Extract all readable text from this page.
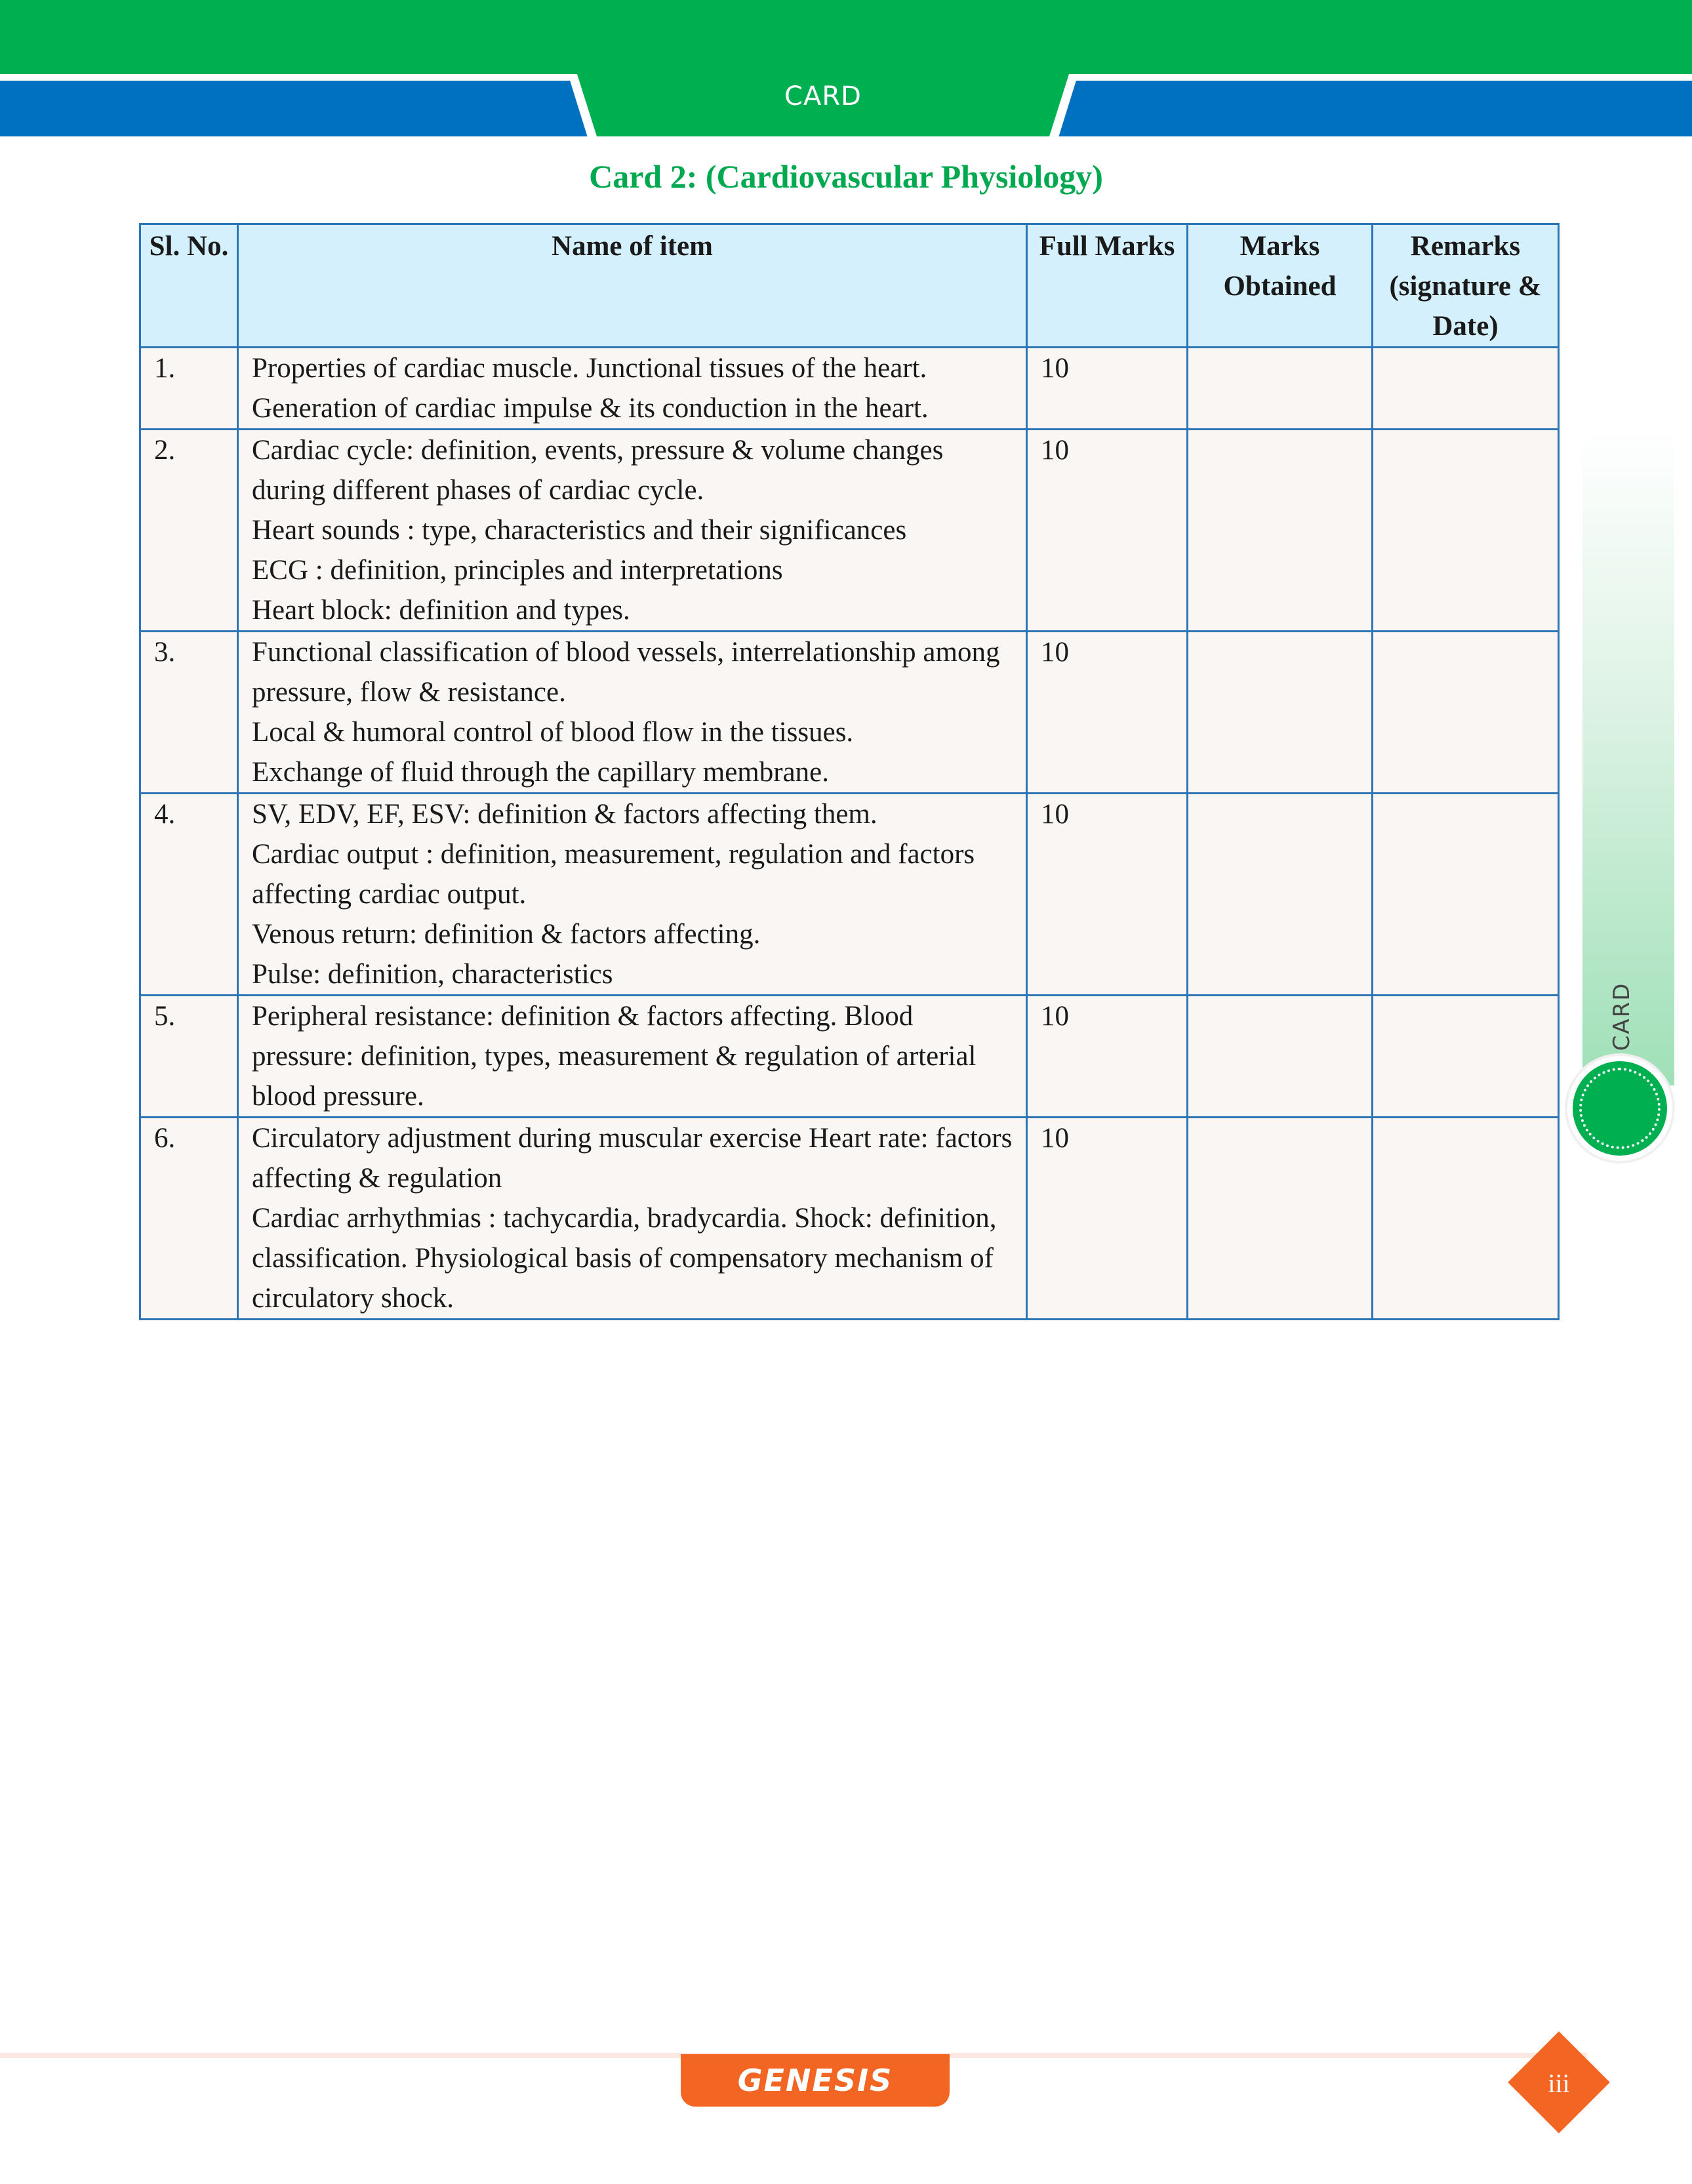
CARD
Card 2: (Cardiovascular Physiology)
Sl. No.	Name of item	Full Marks	Marks Obtained	Remarks (signature & Date)
1.	Properties of cardiac muscle. Junctional tissues of the heart.
Generation of cardiac impulse & its conduction in the heart.	10		
2.	Cardiac cycle: definition, events, pressure & volume changes during different phases of cardiac cycle.
Heart sounds : type, characteristics and their significances
ECG : definition, principles and interpretations
Heart block: definition and types.	10		
3.	Functional classification of blood vessels, interrelationship among pressure, flow & resistance.
Local & humoral control of blood flow in the tissues.
Exchange of fluid through the capillary membrane.	10		
4.	SV, EDV, EF, ESV: definition & factors affecting them.
Cardiac output : definition, measurement, regulation and factors affecting cardiac output.
Venous return: definition & factors affecting.
Pulse: definition, characteristics	10		
5.	Peripheral resistance: definition & factors affecting. Blood pressure: definition, types, measurement & regulation of arterial blood pressure.	10		
6.	Circulatory adjustment during muscular exercise Heart rate: factors affecting & regulation
Cardiac arrhythmias : tachycardia, bradycardia. Shock: definition, classification. Physiological basis of compensatory mechanism of circulatory shock.	10		
CARD
GENESIS	iii
